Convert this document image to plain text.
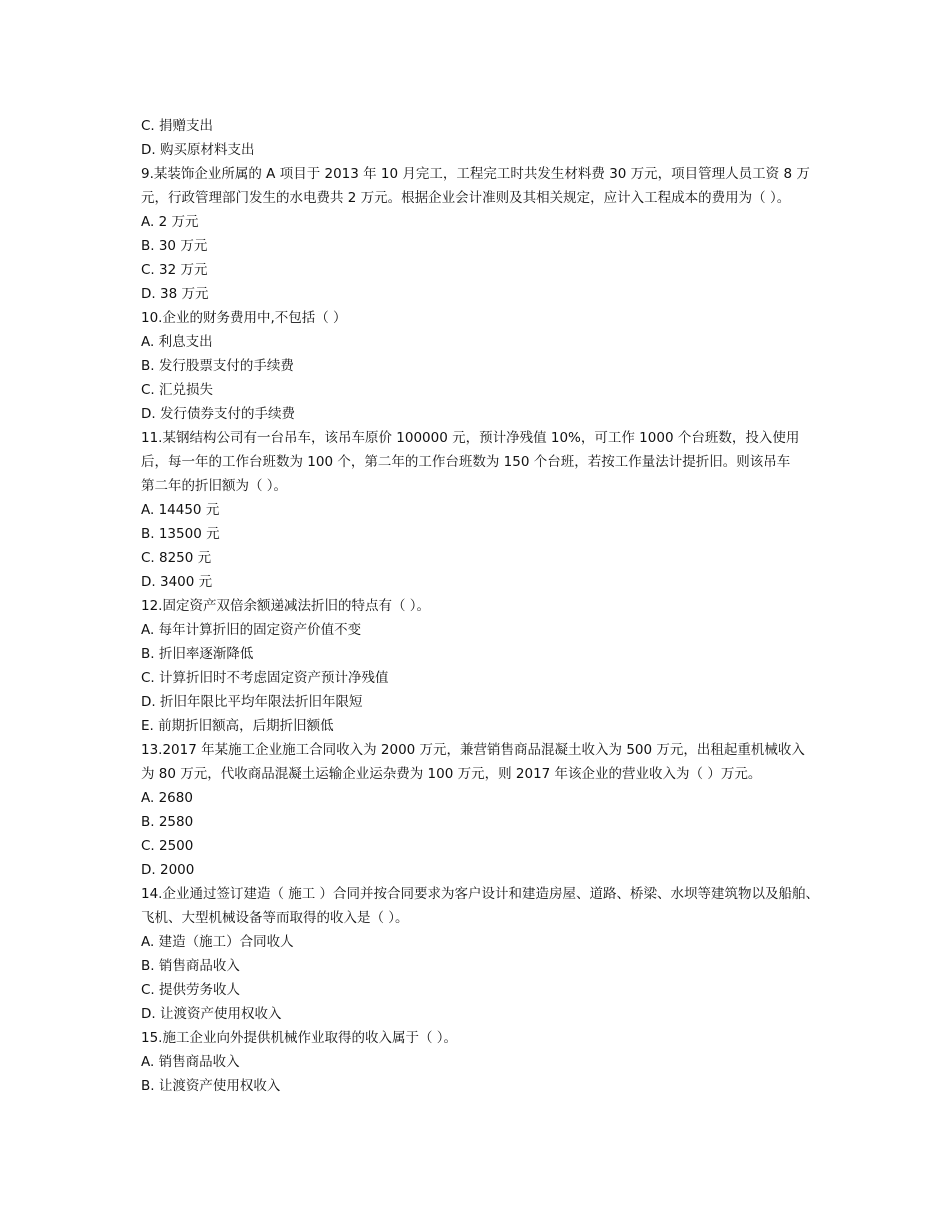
C. 捐赠支出
D. 购买原材料支出
9.某装饰企业所属的 A 项目于 2013 年 10 月完工，工程完工时共发生材料费 30 万元，项目管理人员工资 8 万
元，行政管理部门发生的水电费共 2 万元。根据企业会计准则及其相关规定，应计入工程成本的费用为（ ）。
A. 2 万元
B. 30 万元
C. 32 万元
D. 38 万元
10.企业的财务费用中,不包括（ ）
A. 利息支出
B. 发行股票支付的手续费
C. 汇兑损失
D. 发行债券支付的手续费
11.某钢结构公司有一台吊车，该吊车原价 100000 元，预计净残值 10%，可工作 1000 个台班数，投入使用
后，每一年的工作台班数为 100 个，第二年的工作台班数为 150 个台班，若按工作量法计提折旧。则该吊车
第二年的折旧额为（ ）。
A. 14450 元
B. 13500 元
C. 8250 元
D. 3400 元
12.固定资产双倍余额递减法折旧的特点有（ ）。
A. 每年计算折旧的固定资产价值不变
B. 折旧率逐渐降低
C. 计算折旧时不考虑固定资产预计净残值
D. 折旧年限比平均年限法折旧年限短
E. 前期折旧额高，后期折旧额低
13.2017 年某施工企业施工合同收入为 2000 万元，兼营销售商品混凝土收入为 500 万元，出租起重机械收入
为 80 万元，代收商品混凝土运输企业运杂费为 100 万元，则 2017 年该企业的营业收入为（ ）万元。
A. 2680
B. 2580
C. 2500
D. 2000
14.企业通过签订建造（ 施工 ）合同并按合同要求为客户设计和建造房屋、道路、桥梁、水坝等建筑物以及船舶、
飞机、大型机械设备等而取得的收入是（ ）。
A. 建造（施工）合同收人
B. 销售商品收入
C. 提供劳务收人
D. 让渡资产使用权收入
15.施工企业向外提供机械作业取得的收入属于（ ）。
A. 销售商品收入
B. 让渡资产使用权收入
